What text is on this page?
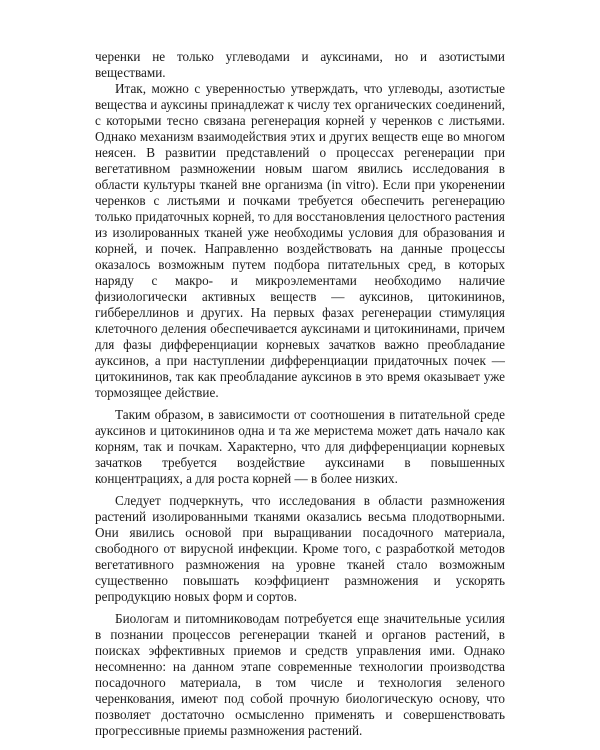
черенки не только углеводами и ауксинами, но и азотистыми веществами.

Итак, можно с уверенностью утверждать, что углеводы, азотистые вещества и ауксины принадлежат к числу тех органических соединений, с которыми тесно связана регенерация корней у черенков с листьями. Однако механизм взаимодействия этих и других веществ еще во многом неясен. В развитии представлений о процессах регенерации при вегетативном размножении новым шагом явились исследования в области культуры тканей вне организма (in vitro). Если при укоренении черенков с листьями и почками требуется обеспечить регенерацию только придаточных корней, то для восстановления целостного растения из изолированных тканей уже необходимы условия для образования и корней, и почек. Направленно воздействовать на данные процессы оказалось возможным путем подбора питательных сред, в которых наряду с макро- и микроэлементами необходимо наличие физиологически активных веществ — ауксинов, цитокининов, гиббереллинов и других. На первых фазах регенерации стимуляция клеточного деления обеспечивается ауксинами и цитокининами, причем для фазы дифференциации корневых зачатков важно преобладание ауксинов, а при наступлении дифференциации придаточных почек — цитокининов, так как преобладание ауксинов в это время оказывает уже тормозящее действие.

Таким образом, в зависимости от соотношения в питательной среде ауксинов и цитокининов одна и та же меристема может дать начало как корням, так и почкам. Характерно, что для дифференциации корневых зачатков требуется воздействие ауксинами в повышенных концентрациях, а для роста корней — в более низких.

Следует подчеркнуть, что исследования в области размножения растений изолированными тканями оказались весьма плодотворными. Они явились основой при выращивании посадочного материала, свободного от вирусной инфекции. Кроме того, с разработкой методов вегетативного размножения на уровне тканей стало возможным существенно повышать коэффициент размножения и ускорять репродукцию новых форм и сортов.

Биологам и питомниководам потребуется еще значительные усилия в познании процессов регенерации тканей и органов растений, в поисках эффективных приемов и средств управления ими. Однако несомненно: на данном этапе современные технологии производства посадочного материала, в том числе и технология зеленого черенкования, имеют под собой прочную биологическую основу, что позволяет достаточно осмысленно применять и совершенствовать прогрессивные приемы размножения растений.
